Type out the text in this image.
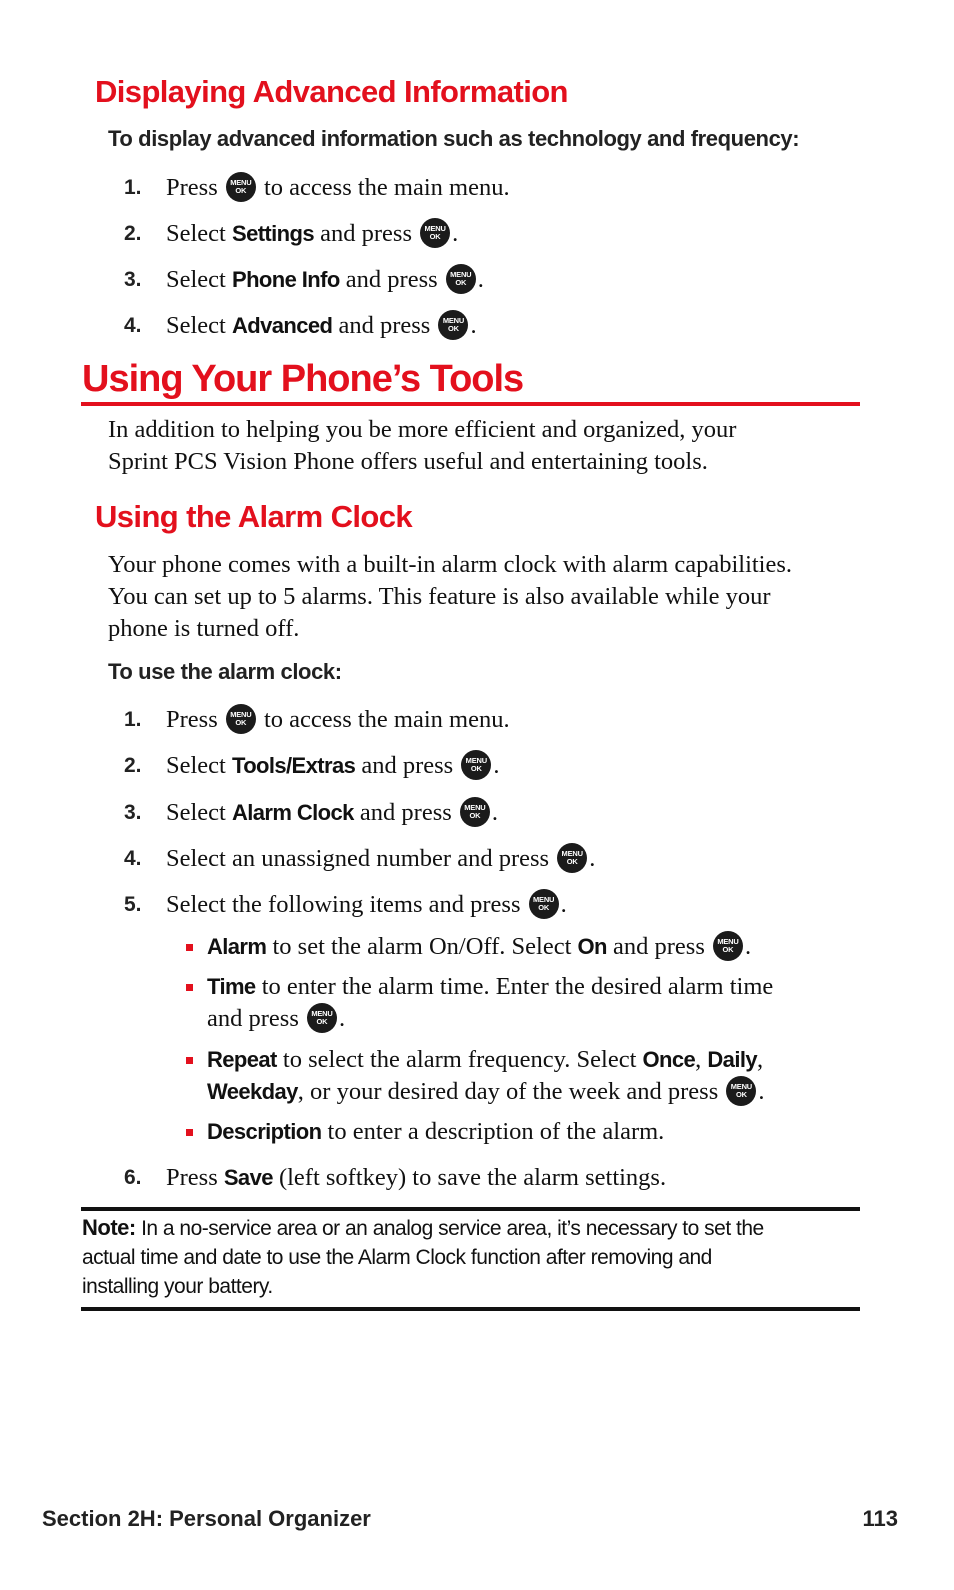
Displaying Advanced Information

To display advanced information such as technology and frequency:

1. Press	MENU
OK to access the main menu.
2. Select Settings and press	MENU
OK .
3. Select Phone Info and press	MENU
OK .
4. Select Advanced and press	MENU
OK .
Using Your Phone’s Tools

In addition to helping you be more efficient and organized, your
Sprint PCS Vision Phone offers useful and entertaining tools.

Using the Alarm Clock

Your phone comes with a built-in alarm clock with alarm capabilities.
You can set up to 5 alarms. This feature is also available while your
phone is turned off.

To use the alarm clock:

1. Press	MENU
OK to access the main menu.
2. Select Tools/Extras and press	MENU
OK .
3. Select Alarm Clock and press	MENU
OK .
4. Select an unassigned number and press	MENU
OK .
5. Select the following items and press	MENU
OK .
Alarm to set the alarm On/Off. Select On and press	MENU
OK .
Time to enter the alarm time. Enter the desired alarm time
and press	MENU
OK .
Repeat to select the alarm frequency. Select Once, Daily,
Weekday, or your desired day of the week and press	MENU
OK .
Description to enter a description of the alarm.
6. Press Save (left softkey) to save the alarm settings.

Note: In a no-service area or an analog service area, it’s necessary to set the
actual time and date to use the Alarm Clock function after removing and
installing your battery.

Section 2H: Personal Organizer	113
